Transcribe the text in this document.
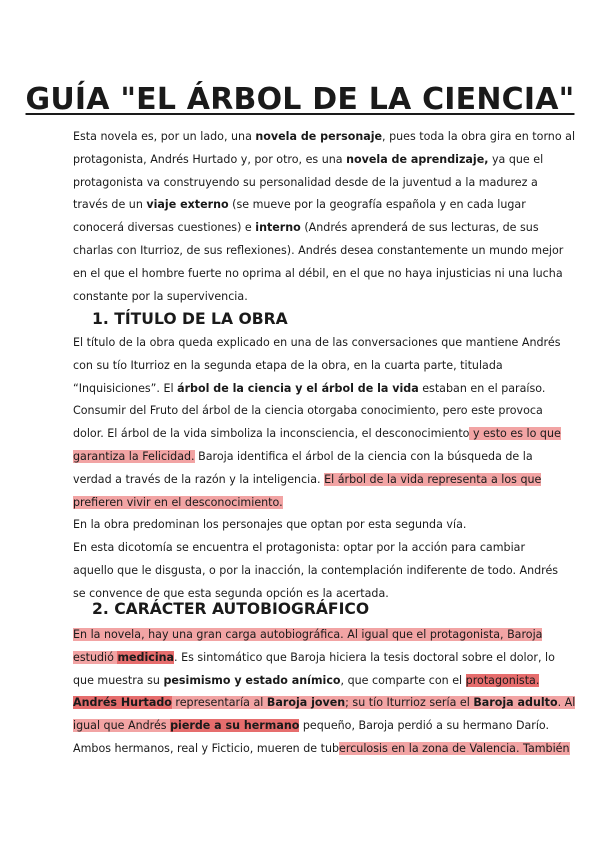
GUÍA "EL ÁRBOL DE LA CIENCIA"
Esta novela es, por un lado, una novela de personaje, pues toda la obra gira en torno al
protagonista, Andrés Hurtado y, por otro, es una novela de aprendizaje, ya que el
protagonista va construyendo su personalidad desde de la juventud a la madurez a
través de un viaje externo (se mueve por la geografía española y en cada lugar
conocerá diversas cuestiones) e interno (Andrés aprenderá de sus lecturas, de sus
charlas con Iturrioz, de sus reflexiones). Andrés desea constantemente un mundo mejor
en el que el hombre fuerte no oprima al débil, en el que no haya injusticias ni una lucha
constante por la supervivencia.
1. TÍTULO DE LA OBRA
El título de la obra queda explicado en una de las conversaciones que mantiene Andrés
con su tío Iturrioz en la segunda etapa de la obra, en la cuarta parte, titulada
“Inquisiciones”. El árbol de la ciencia y el árbol de la vida estaban en el paraíso.
Consumir del Fruto del árbol de la ciencia otorgaba conocimiento, pero este provoca
dolor. El árbol de la vida simboliza la inconsciencia, el desconocimiento y esto es lo que
garantiza la Felicidad. Baroja identifica el árbol de la ciencia con la búsqueda de la
verdad a través de la razón y la inteligencia. El árbol de la vida representa a los que
prefieren vivir en el desconocimiento.
En la obra predominan los personajes que optan por esta segunda vía.
En esta dicotomía se encuentra el protagonista: optar por la acción para cambiar
aquello que le disgusta, o por la inacción, la contemplación indiferente de todo. Andrés
se convence de que esta segunda opción es la acertada.
2. CARÁCTER AUTOBIOGRÁFICO
En la novela, hay una gran carga autobiográfica. Al igual que el protagonista, Baroja
estudió medicina. Es sintomático que Baroja hiciera la tesis doctoral sobre el dolor, lo
que muestra su pesimismo y estado anímico, que comparte con el protagonista.
Andrés Hurtado representaría al Baroja joven; su tío Iturrioz sería el Baroja adulto. Al
igual que Andrés pierde a su hermano pequeño, Baroja perdió a su hermano Darío.
Ambos hermanos, real y Ficticio, mueren de tuberculosis en la zona de Valencia. También
